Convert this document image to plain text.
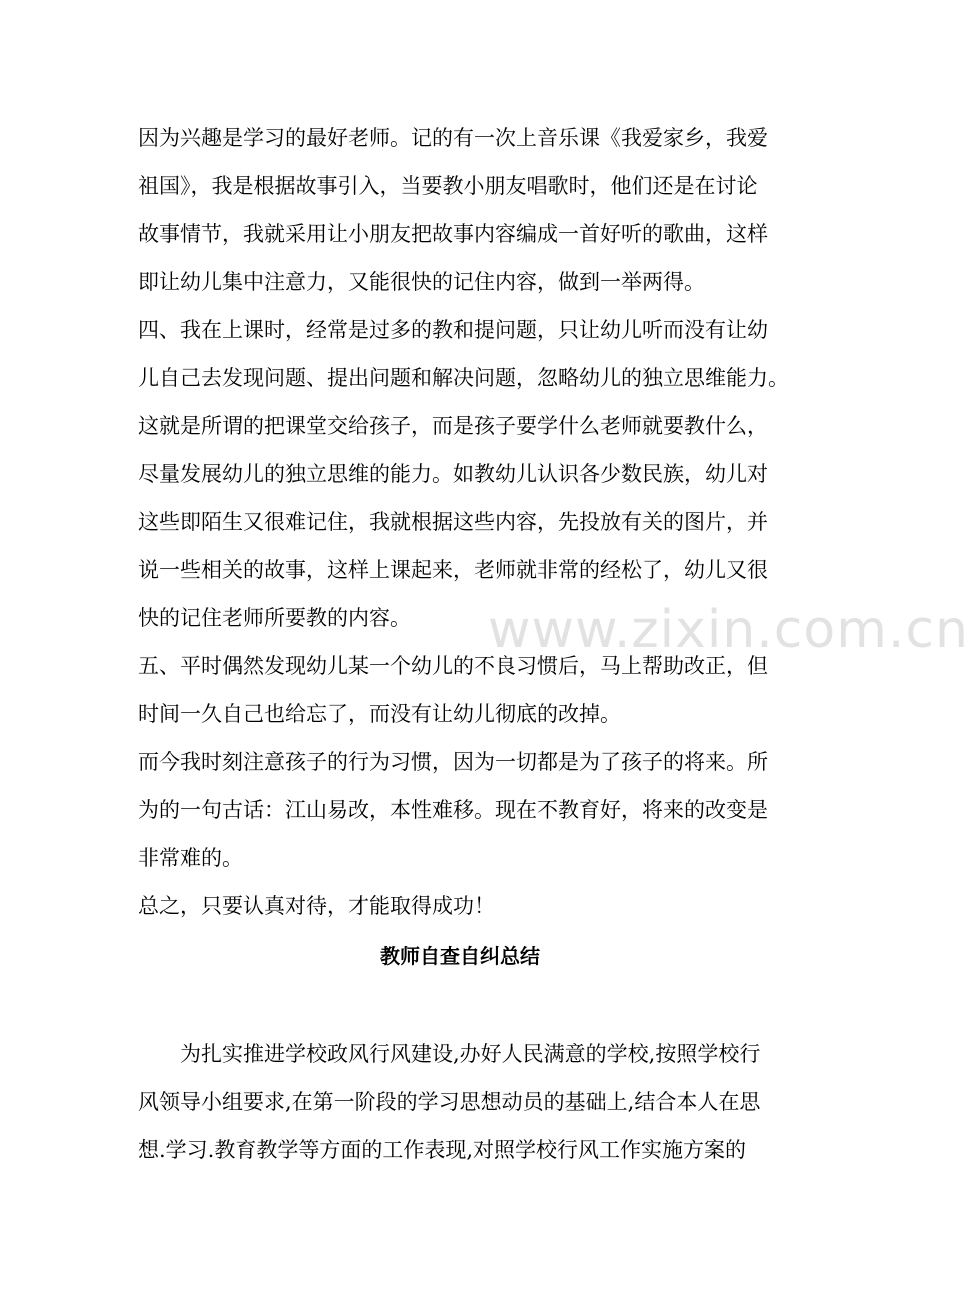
因为兴趣是学习的最好老师。记的有一次上音乐课《我爱家乡，我爱
祖国》，我是根据故事引入，当要教小朋友唱歌时，他们还是在讨论
故事情节，我就采用让小朋友把故事内容编成一首好听的歌曲，这样
即让幼儿集中注意力，又能很快的记住内容，做到一举两得。
四、我在上课时，经常是过多的教和提问题，只让幼儿听而没有让幼
儿自己去发现问题、提出问题和解决问题，忽略幼儿的独立思维能力。
这就是所谓的把课堂交给孩子，而是孩子要学什么老师就要教什么，
尽量发展幼儿的独立思维的能力。如教幼儿认识各少数民族，幼儿对
这些即陌生又很难记住，我就根据这些内容，先投放有关的图片，并
说一些相关的故事，这样上课起来，老师就非常的经松了，幼儿又很
快的记住老师所要教的内容。
五、平时偶然发现幼儿某一个幼儿的不良习惯后，马上帮助改正，但
时间一久自己也给忘了，而没有让幼儿彻底的改掉。
而今我时刻注意孩子的行为习惯，因为一切都是为了孩子的将来。所
为的一句古话：江山易改，本性难移。现在不教育好，将来的改变是
非常难的。
总之，只要认真对待，才能取得成功！
教师自查自纠总结
　　为扎实推进学校政风行风建设,办好人民满意的学校,按照学校行
风领导小组要求,在第一阶段的学习思想动员的基础上,结合本人在思
想.学习.教育教学等方面的工作表现,对照学校行风工作实施方案的
www.zixin.com.cn
